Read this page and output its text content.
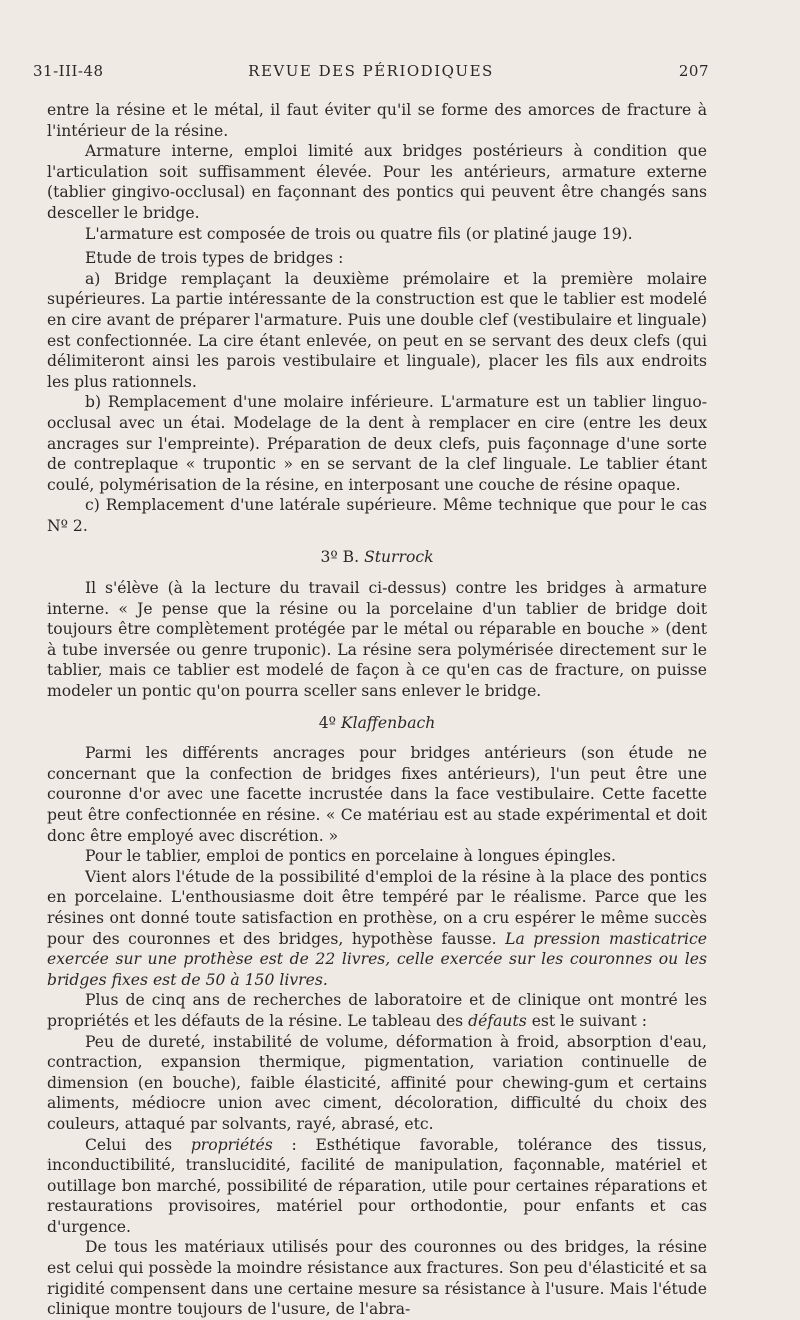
31-III-48	REVUE DES PÉRIODIQUES	207

entre la résine et le métal, il faut éviter qu'il se forme des amorces de fracture à l'intérieur de la résine.

Armature interne, emploi limité aux bridges postérieurs à condition que l'articulation soit suffisamment élevée. Pour les antérieurs, armature externe (tablier gingivo-occlusal) en façonnant des pontics qui peuvent être changés sans desceller le bridge.

L'armature est composée de trois ou quatre fils (or platiné jauge 19).

Etude de trois types de bridges :

a) Bridge remplaçant la deuxième prémolaire et la première molaire supérieures. La partie intéressante de la construction est que le tablier est modelé en cire avant de préparer l'armature. Puis une double clef (vestibulaire et linguale) est confectionnée. La cire étant enlevée, on peut en se servant des deux clefs (qui délimiteront ainsi les parois vestibulaire et linguale), placer les fils aux endroits les plus rationnels.

b) Remplacement d'une molaire inférieure. L'armature est un tablier linguo-occlusal avec un étai. Modelage de la dent à remplacer en cire (entre les deux ancrages sur l'empreinte). Préparation de deux clefs, puis façonnage d'une sorte de contreplaque « trupontic » en se servant de la clef linguale. Le tablier étant coulé, polymérisation de la résine, en interposant une couche de résine opaque.

c) Remplacement d'une latérale supérieure. Même technique que pour le cas Nº 2.

3º B. Sturrock

Il s'élève (à la lecture du travail ci-dessus) contre les bridges à armature interne. « Je pense que la résine ou la porcelaine d'un tablier de bridge doit toujours être complètement protégée par le métal ou réparable en bouche » (dent à tube inversée ou genre truponic). La résine sera polymérisée directement sur le tablier, mais ce tablier est modelé de façon à ce qu'en cas de fracture, on puisse modeler un pontic qu'on pourra sceller sans enlever le bridge.

4º Klaffenbach

Parmi les différents ancrages pour bridges antérieurs (son étude ne concernant que la confection de bridges fixes antérieurs), l'un peut être une couronne d'or avec une facette incrustée dans la face vestibulaire. Cette facette peut être confectionnée en résine. « Ce matériau est au stade expérimental et doit donc être employé avec discrétion. »

Pour le tablier, emploi de pontics en porcelaine à longues épingles.

Vient alors l'étude de la possibilité d'emploi de la résine à la place des pontics en porcelaine. L'enthousiasme doit être tempéré par le réalisme. Parce que les résines ont donné toute satisfaction en prothèse, on a cru espérer le même succès pour des couronnes et des bridges, hypothèse fausse. La pression masticatrice exercée sur une prothèse est de 22 livres, celle exercée sur les couronnes ou les bridges fixes est de 50 à 150 livres.

Plus de cinq ans de recherches de laboratoire et de clinique ont montré les propriétés et les défauts de la résine. Le tableau des défauts est le suivant :

Peu de dureté, instabilité de volume, déformation à froid, absorption d'eau, contraction, expansion thermique, pigmentation, variation continuelle de dimension (en bouche), faible élasticité, affinité pour chewing-gum et certains aliments, médiocre union avec ciment, décoloration, difficulté du choix des couleurs, attaqué par solvants, rayé, abrasé, etc.

Celui des propriétés : Esthétique favorable, tolérance des tissus, inconductibilité, translucidité, facilité de manipulation, façonnable, matériel et outillage bon marché, possibilité de réparation, utile pour certaines réparations et restaurations provisoires, matériel pour orthodontie, pour enfants et cas d'urgence.

De tous les matériaux utilisés pour des couronnes ou des bridges, la résine est celui qui possède la moindre résistance aux fractures. Son peu d'élasticité et sa rigidité compensent dans une certaine mesure sa résistance à l'usure. Mais l'étude clinique montre toujours de l'usure, de l'abra-
